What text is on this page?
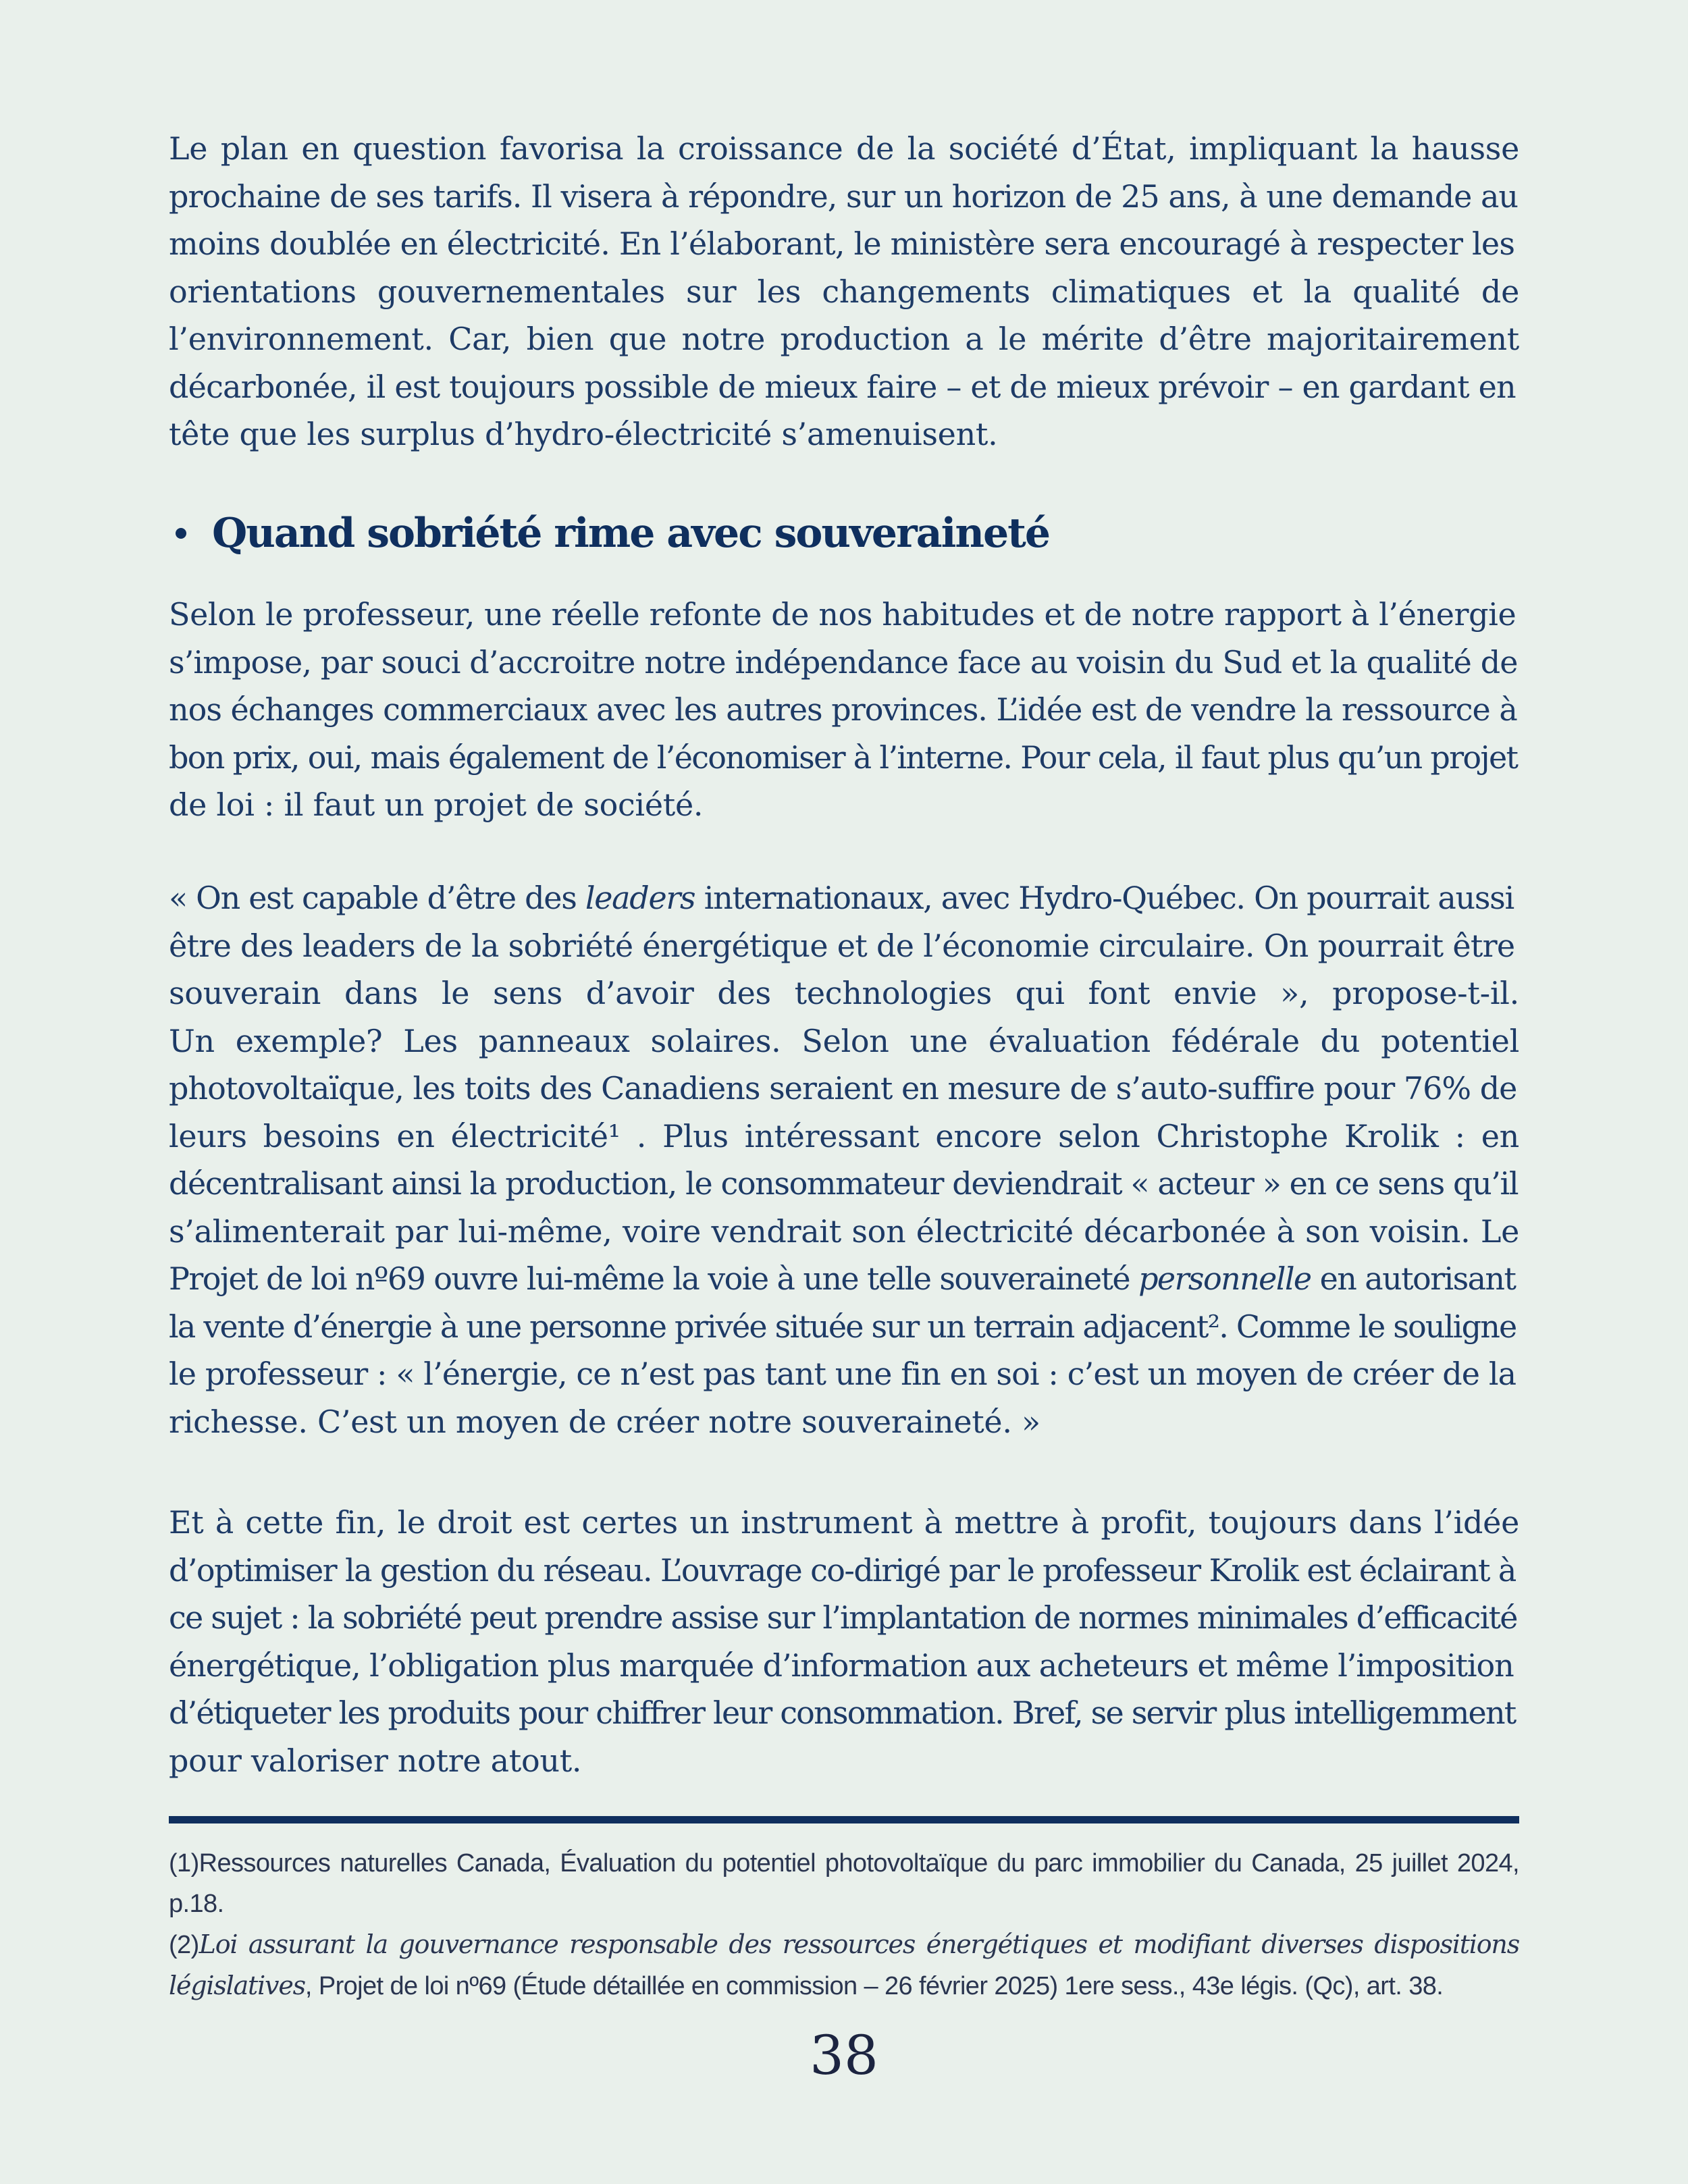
Le plan en question favorisa la croissance de la société d’État, impliquant la hausse
prochaine de ses tarifs. Il visera à répondre, sur un horizon de 25 ans, à une demande au
moins doublée en électricité. En l’élaborant, le ministère sera encouragé à respecter les
orientations gouvernementales sur les changements climatiques et la qualité de
l’environnement. Car, bien que notre production a le mérite d’être majoritairement
décarbonée, il est toujours possible de mieux faire – et de mieux prévoir – en gardant en
tête que les surplus d’hydro-électricité s’amenuisent.

Quand sobriété rime avec souveraineté

Selon le professeur, une réelle refonte de nos habitudes et de notre rapport à l’énergie
s’impose, par souci d’accroitre notre indépendance face au voisin du Sud et la qualité de
nos échanges commerciaux avec les autres provinces. L’idée est de vendre la ressource à
bon prix, oui, mais également de l’économiser à l’interne. Pour cela, il faut plus qu’un projet
de loi : il faut un projet de société.

« On est capable d’être des leaders internationaux, avec Hydro-Québec. On pourrait aussi
être des leaders de la sobriété énergétique et de l’économie circulaire. On pourrait être
souverain dans le sens d’avoir des technologies qui font envie », propose-t-il.
Un exemple? Les panneaux solaires. Selon une évaluation fédérale du potentiel
photovoltaïque, les toits des Canadiens seraient en mesure de s’auto-suffire pour 76% de
leurs besoins en électricité¹ . Plus intéressant encore selon Christophe Krolik : en
décentralisant ainsi la production, le consommateur deviendrait « acteur » en ce sens qu’il
s’alimenterait par lui-même, voire vendrait son électricité décarbonée à son voisin. Le
Projet de loi nº69 ouvre lui-même la voie à une telle souveraineté personnelle en autorisant
la vente d’énergie à une personne privée située sur un terrain adjacent². Comme le souligne
le professeur : « l’énergie, ce n’est pas tant une fin en soi : c’est un moyen de créer de la
richesse. C’est un moyen de créer notre souveraineté. »

Et à cette fin, le droit est certes un instrument à mettre à profit, toujours dans l’idée
d’optimiser la gestion du réseau. L’ouvrage co-dirigé par le professeur Krolik est éclairant à
ce sujet : la sobriété peut prendre assise sur l’implantation de normes minimales d’efficacité
énergétique, l’obligation plus marquée d’information aux acheteurs et même l’imposition
d’étiqueter les produits pour chiffrer leur consommation. Bref, se servir plus intelligemment
pour valoriser notre atout.

(1)Ressources naturelles Canada, Évaluation du potentiel photovoltaïque du parc immobilier du Canada, 25 juillet 2024, p.18.

(2)Loi assurant la gouvernance responsable des ressources énergétiques et modifiant diverses dispositions législatives, Projet de loi nº69 (Étude détaillée en commission – 26 février 2025) 1ere sess., 43e légis. (Qc), art. 38.

38
